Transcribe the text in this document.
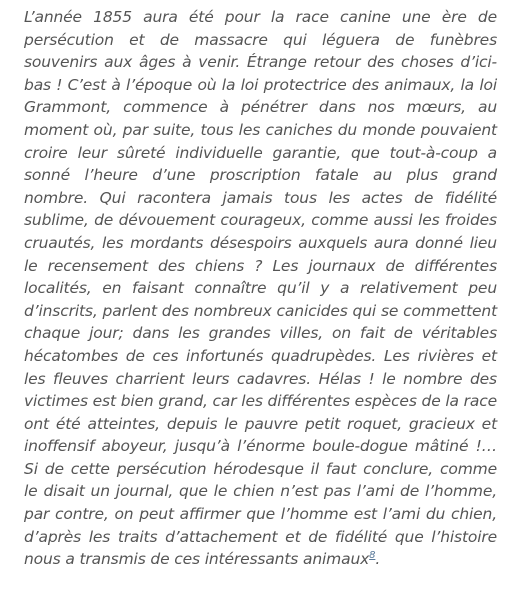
L’année 1855 aura été pour la race canine une ère de persécution et de massacre qui léguera de funèbres souvenirs aux âges à venir. Étrange retour des choses d’ici-bas ! C’est à l’époque où la loi protectrice des animaux, la loi Grammont, commence à pénétrer dans nos mœurs, au moment où, par suite, tous les caniches du monde pouvaient croire leur sûreté individuelle garantie, que tout-à-coup a sonné l’heure d’une proscription fatale au plus grand nombre. Qui racontera jamais tous les actes de fidélité sublime, de dévouement courageux, comme aussi les froides cruautés, les mordants désespoirs auxquels aura donné lieu le recensement des chiens ? Les journaux de différentes localités, en faisant connaître qu’il y a relativement peu d’inscrits, parlent des nombreux canicides qui se commettent chaque jour; dans les grandes villes, on fait de véritables hécatombes de ces infortunés quadrupèdes. Les rivières et les fleuves charrient leurs cadavres. Hélas ! le nombre des victimes est bien grand, car les différentes espèces de la race ont été atteintes, depuis le pauvre petit roquet, gracieux et inoffensif aboyeur, jusqu’à l’énorme boule-dogue mâtiné !… Si de cette persécution hérodesque il faut conclure, comme le disait un journal, que le chien n’est pas l’ami de l’homme, par contre, on peut affirmer que l’homme est l’ami du chien, d’après les traits d’attachement et de fidélité que l’histoire nous a transmis de ces intéressants animaux$^8$.
